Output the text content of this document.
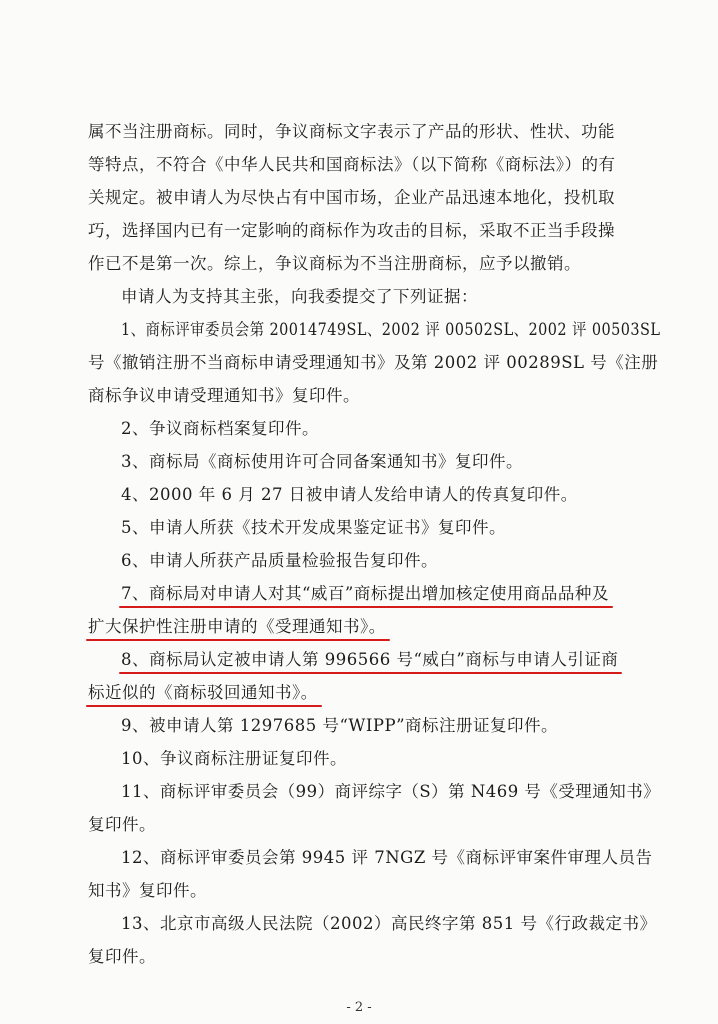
属不当注册商标。同时，争议商标文字表示了产品的形状、性状、功能
等特点，不符合《中华人民共和国商标法》（以下简称《商标法》）的有
关规定。被申请人为尽快占有中国市场，企业产品迅速本地化，投机取
巧，选择国内已有一定影响的商标作为攻击的目标，采取不正当手段操
作已不是第一次。综上，争议商标为不当注册商标，应予以撤销。
申请人为支持其主张，向我委提交了下列证据：
1、商标评审委员会第 20014749SL、2002 评 00502SL、2002 评 00503SL
号《撤销注册不当商标申请受理通知书》及第 2002 评 00289SL 号《注册
商标争议申请受理通知书》复印件。
2、争议商标档案复印件。
3、商标局《商标使用许可合同备案通知书》复印件。
4、2000 年 6 月 27 日被申请人发给申请人的传真复印件。
5、申请人所获《技术开发成果鉴定证书》复印件。
6、申请人所获产品质量检验报告复印件。
7、商标局对申请人对其“威百”商标提出增加核定使用商品品种及
扩大保护性注册申请的《受理通知书》。
8、商标局认定被申请人第 996566 号“威白”商标与申请人引证商
标近似的《商标驳回通知书》。
9、被申请人第 1297685 号“WIPP”商标注册证复印件。
10、争议商标注册证复印件。
11、商标评审委员会（99）商评综字（S）第 N469 号《受理通知书》
复印件。
12、商标评审委员会第 9945 评 7NGZ 号《商标评审案件审理人员告
知书》复印件。
13、北京市高级人民法院（2002）高民终字第 851 号《行政裁定书》
复印件。
- 2 -
